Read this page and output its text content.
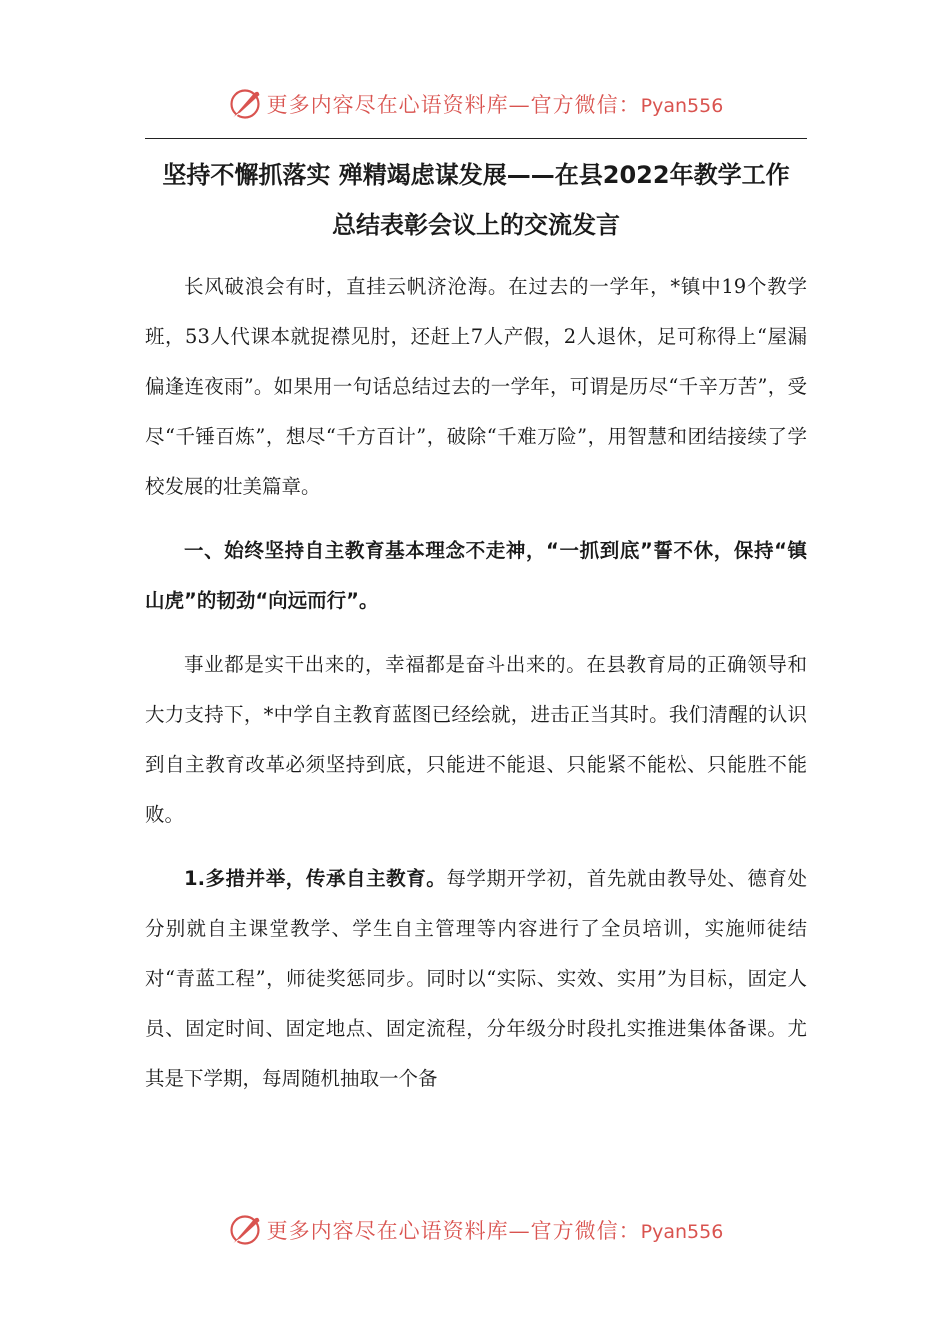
更多内容尽在心语资料库—官方微信：Pyan556
坚持不懈抓落实 殚精竭虑谋发展——在县2022年教学工作
总结表彰会议上的交流发言

长风破浪会有时，直挂云帆济沧海。在过去的一学年，*镇中19个教学班，53人代课本就捉襟见肘，还赶上7人产假，2人退休，足可称得上“屋漏偏逢连夜雨”。如果用一句话总结过去的一学年，可谓是历尽“千辛万苦”，受尽“千锤百炼”，想尽“千方百计”，破除“千难万险”，用智慧和团结接续了学校发展的壮美篇章。

一、始终坚持自主教育基本理念不走神，“一抓到底”誓不休，保持“镇山虎”的韧劲“向远而行”。

事业都是实干出来的，幸福都是奋斗出来的。在县教育局的正确领导和大力支持下，*中学自主教育蓝图已经绘就，进击正当其时。我们清醒的认识到自主教育改革必须坚持到底，只能进不能退、只能紧不能松、只能胜不能败。

1.多措并举，传承自主教育。每学期开学初，首先就由教导处、德育处分别就自主课堂教学、学生自主管理等内容进行了全员培训，实施师徒结对“青蓝工程”，师徒奖惩同步。同时以“实际、实效、实用”为目标，固定人员、固定时间、固定地点、固定流程，分年级分时段扎实推进集体备课。尤其是下学期，每周随机抽取一个备

更多内容尽在心语资料库—官方微信：Pyan556
